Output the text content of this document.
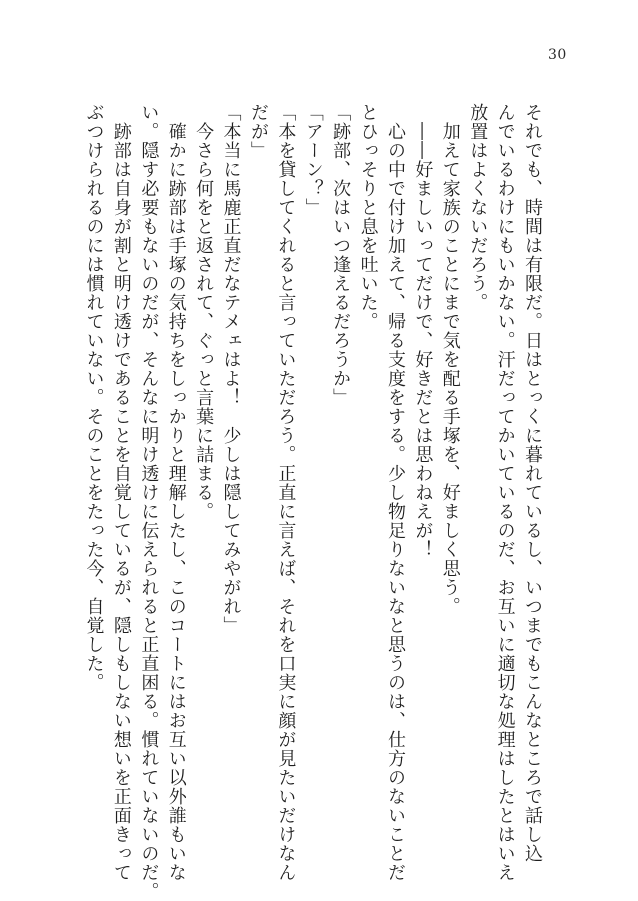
30
それでも、時間は有限だ。日はとっくに暮れているし、いつまでもこんなところで話し込
んでいるわけにもいかない。汗だってかいているのだ、お互いに適切な処理はしたとはいえ
放置はよくないだろう。
　加えて家族のことにまで気を配る手塚を、好ましく思う。
　――好ましいってだけで、好きだとは思わねえが！
　心の中で付け加えて、帰る支度をする。少し物足りないなと思うのは、仕方のないことだ
とひっそりと息を吐いた。
「跡部、次はいつ逢えるだろうか」
「アーン？」
「本を貸してくれると言っていただろう。正直に言えば、それを口実に顔が見たいだけなん
だが」
「本当に馬鹿正直だなテメェはよ！　少しは隠してみやがれ」
　今さら何をと返されて、ぐっと言葉に詰まる。
　確かに跡部は手塚の気持ちをしっかりと理解したし、このコートにはお互い以外誰もいな
い。隠す必要もないのだが、そんなに明け透けに伝えられると正直困る。慣れていないのだ。
　跡部は自身が割と明け透けであることを自覚しているが、隠しもしない想いを正面きって
ぶつけられるのには慣れていない。そのことをたった今、自覚した。
